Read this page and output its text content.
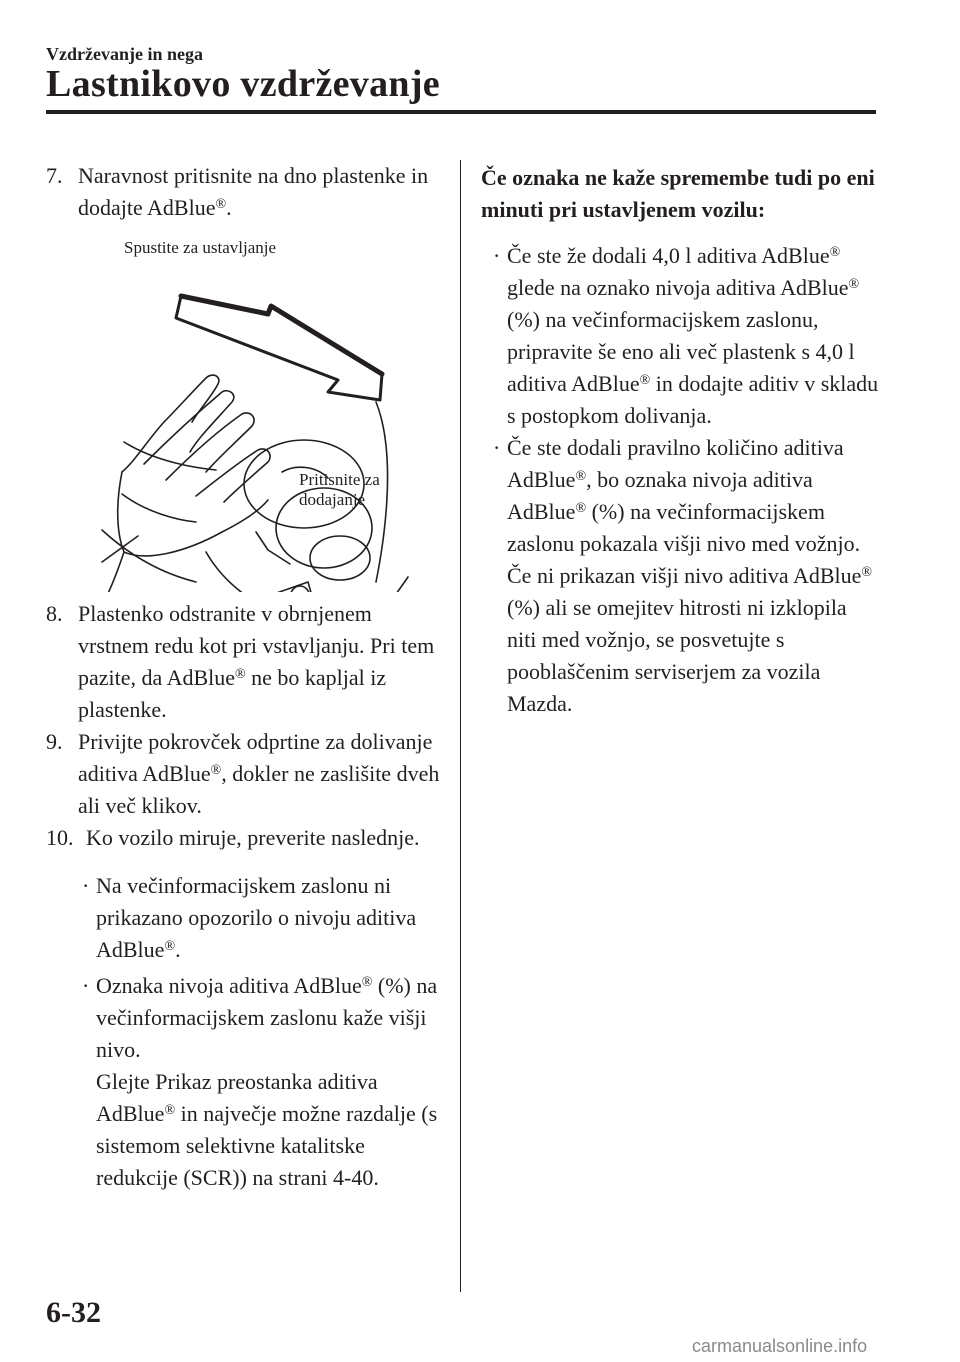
Vzdrževanje in nega
Lastnikovo vzdrževanje
7. Naravnost pritisnite na dno plastenke in dodajte AdBlue®.
Spustite za ustavljanje
Pritisnite za
dodajanje
8. Plastenko odstranite v obrnjenem vrstnem redu kot pri vstavljanju. Pri tem pazite, da AdBlue® ne bo kapljal iz plastenke.
9. Privijte pokrovček odprtine za dolivanje aditiva AdBlue®, dokler ne zaslišite dveh ali več klikov.
10. Ko vozilo miruje, preverite naslednje.
· Na večinformacijskem zaslonu ni prikazano opozorilo o nivoju aditiva AdBlue®.
· Oznaka nivoja aditiva AdBlue® (%) na večinformacijskem zaslonu kaže višji nivo.
Glejte Prikaz preostanka aditiva AdBlue® in največje možne razdalje (s sistemom selektivne katalitske redukcije (SCR)) na strani 4-40.
Če oznaka ne kaže spremembe tudi po eni minuti pri ustavljenem vozilu:
· Če ste že dodali 4,0 l aditiva AdBlue® glede na oznako nivoja aditiva AdBlue® (%) na večinformacijskem zaslonu, pripravite še eno ali več plastenk s 4,0 l aditiva AdBlue® in dodajte aditiv v skladu s postopkom dolivanja.
· Če ste dodali pravilno količino aditiva AdBlue®, bo oznaka nivoja aditiva AdBlue® (%) na večinformacijskem zaslonu pokazala višji nivo med vožnjo. Če ni prikazan višji nivo aditiva AdBlue® (%) ali se omejitev hitrosti ni izklopila niti med vožnjo, se posvetujte s pooblaščenim serviserjem za vozila Mazda.
6-32
carmanualsonline.info
